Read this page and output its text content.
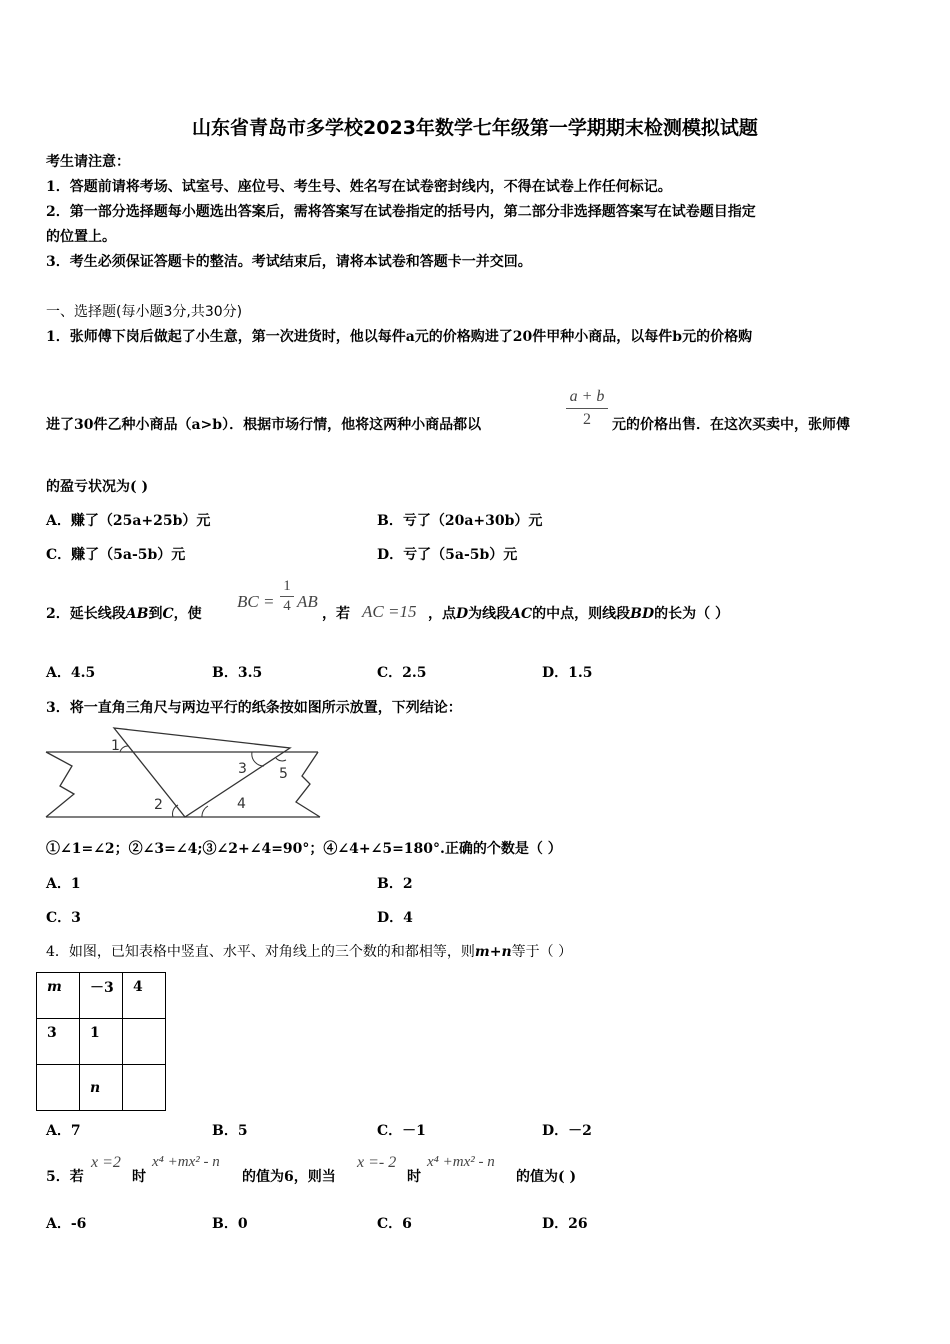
山东省青岛市多学校2023年数学七年级第一学期期末检测模拟试题
考生请注意：
1．答题前请将考场、试室号、座位号、考生号、姓名写在试卷密封线内，不得在试卷上作任何标记。
2．第一部分选择题每小题选出答案后，需将答案写在试卷指定的括号内，第二部分非选择题答案写在试卷题目指定
的位置上。
3．考生必须保证答题卡的整洁。考试结束后，请将本试卷和答题卡一并交回。
一、选择题(每小题3分,共30分)
1．张师傅下岗后做起了小生意，第一次进货时，他以每件a元的价格购进了20件甲种小商品，以每件b元的价格购
进了30件乙种小商品（a>b）．根据市场行情，他将这两种小商品都以
a + b
2	元的价格出售．在这次买卖中，张师傅
的盈亏状况为( )
A．赚了（25a+25b）元	B．亏了（20a+30b）元
C．赚了（5a-5b）元	D．亏了（5a-5b）元
2．延长线段AB到C，使
BC =
1
4 AB
，若 AC =15 ，点D为线段AC的中点，则线段BD的长为（ ）
A．4.5	B．3.5	C．2.5	D．1.5
3．将一直角三角尺与两边平行的纸条按如图所示放置，下列结论：
1
2
3
4
5
①∠1=∠2；②∠3=∠4;③∠2+∠4=90°；④∠4+∠5=180°.正确的个数是（ ）
A．1	B．2
C．3	D．4
4．如图，已知表格中竖直、水平、对角线上的三个数的和都相等，则m+n等于（ ）
m	－3	4
3	1	
	n	
A．7	B．5	C．－1	D．－2
5．若
x =2
时
x⁴ +mx² - n
的值为6，则当
x =- 2
时
x⁴ +mx² - n
的值为( )
A．-6	B．0	C．6	D．26
